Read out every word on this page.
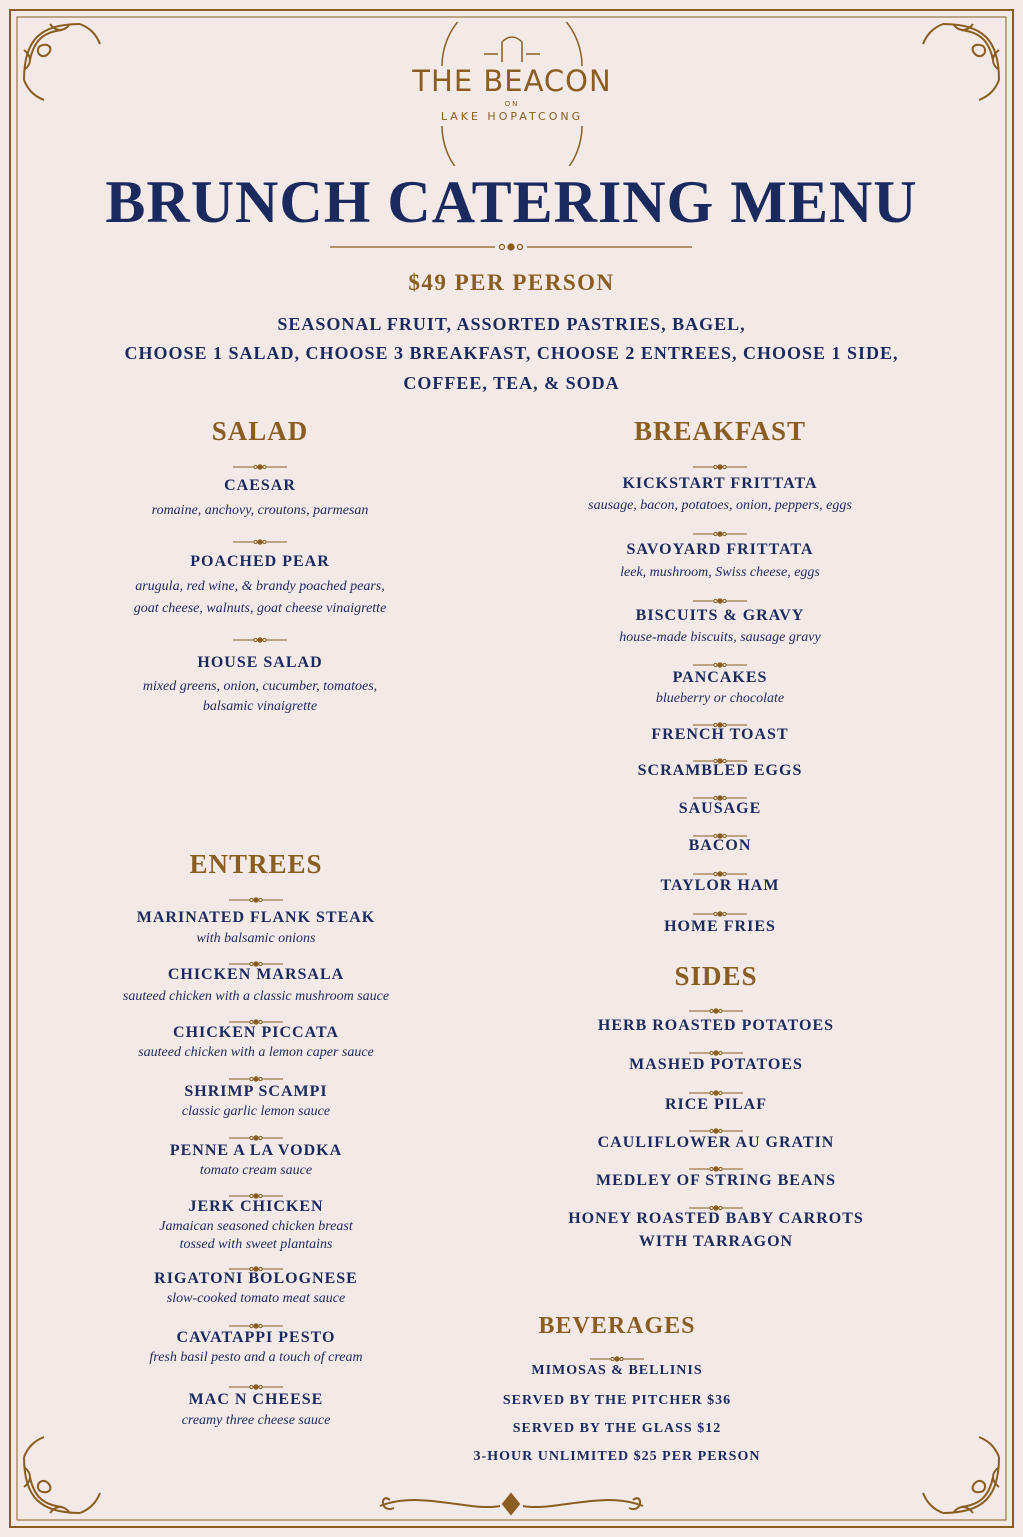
THE BEACON
ON
LAKE HOPATCONG
BRUNCH CATERING MENU
$49 PER PERSON
SEASONAL FRUIT, ASSORTED PASTRIES, BAGEL,
CHOOSE 1 SALAD, CHOOSE 3 BREAKFAST, CHOOSE 2 ENTREES, CHOOSE 1 SIDE,
COFFEE, TEA, & SODA
SALAD
CAESAR
romaine, anchovy, croutons, parmesan
POACHED PEAR
arugula, red wine, & brandy poached pears,
goat cheese, walnuts, goat cheese vinaigrette
HOUSE SALAD
mixed greens, onion, cucumber, tomatoes,
balsamic vinaigrette
BREAKFAST
KICKSTART FRITTATA
sausage, bacon, potatoes, onion, peppers, eggs
SAVOYARD FRITTATA
leek, mushroom, Swiss cheese, eggs
BISCUITS & GRAVY
house-made biscuits, sausage gravy
PANCAKES
blueberry or chocolate
FRENCH TOAST
SCRAMBLED EGGS
SAUSAGE
BACON
TAYLOR HAM
HOME FRIES
ENTREES
MARINATED FLANK STEAK
with balsamic onions
CHICKEN MARSALA
sauteed chicken with a classic mushroom sauce
CHICKEN PICCATA
sauteed chicken with a lemon caper sauce
SHRIMP SCAMPI
classic garlic lemon sauce
PENNE A LA VODKA
tomato cream sauce
JERK CHICKEN
Jamaican seasoned chicken breast
tossed with sweet plantains
RIGATONI BOLOGNESE
slow-cooked tomato meat sauce
CAVATAPPI PESTO
fresh basil pesto and a touch of cream
MAC N CHEESE
creamy three cheese sauce
SIDES
HERB ROASTED POTATOES
MASHED POTATOES
RICE PILAF
CAULIFLOWER AU GRATIN
MEDLEY OF STRING BEANS
HONEY ROASTED BABY CARROTS
WITH TARRAGON
BEVERAGES
MIMOSAS & BELLINIS
SERVED BY THE PITCHER $36
SERVED BY THE GLASS $12
3-HOUR UNLIMITED $25 PER PERSON
